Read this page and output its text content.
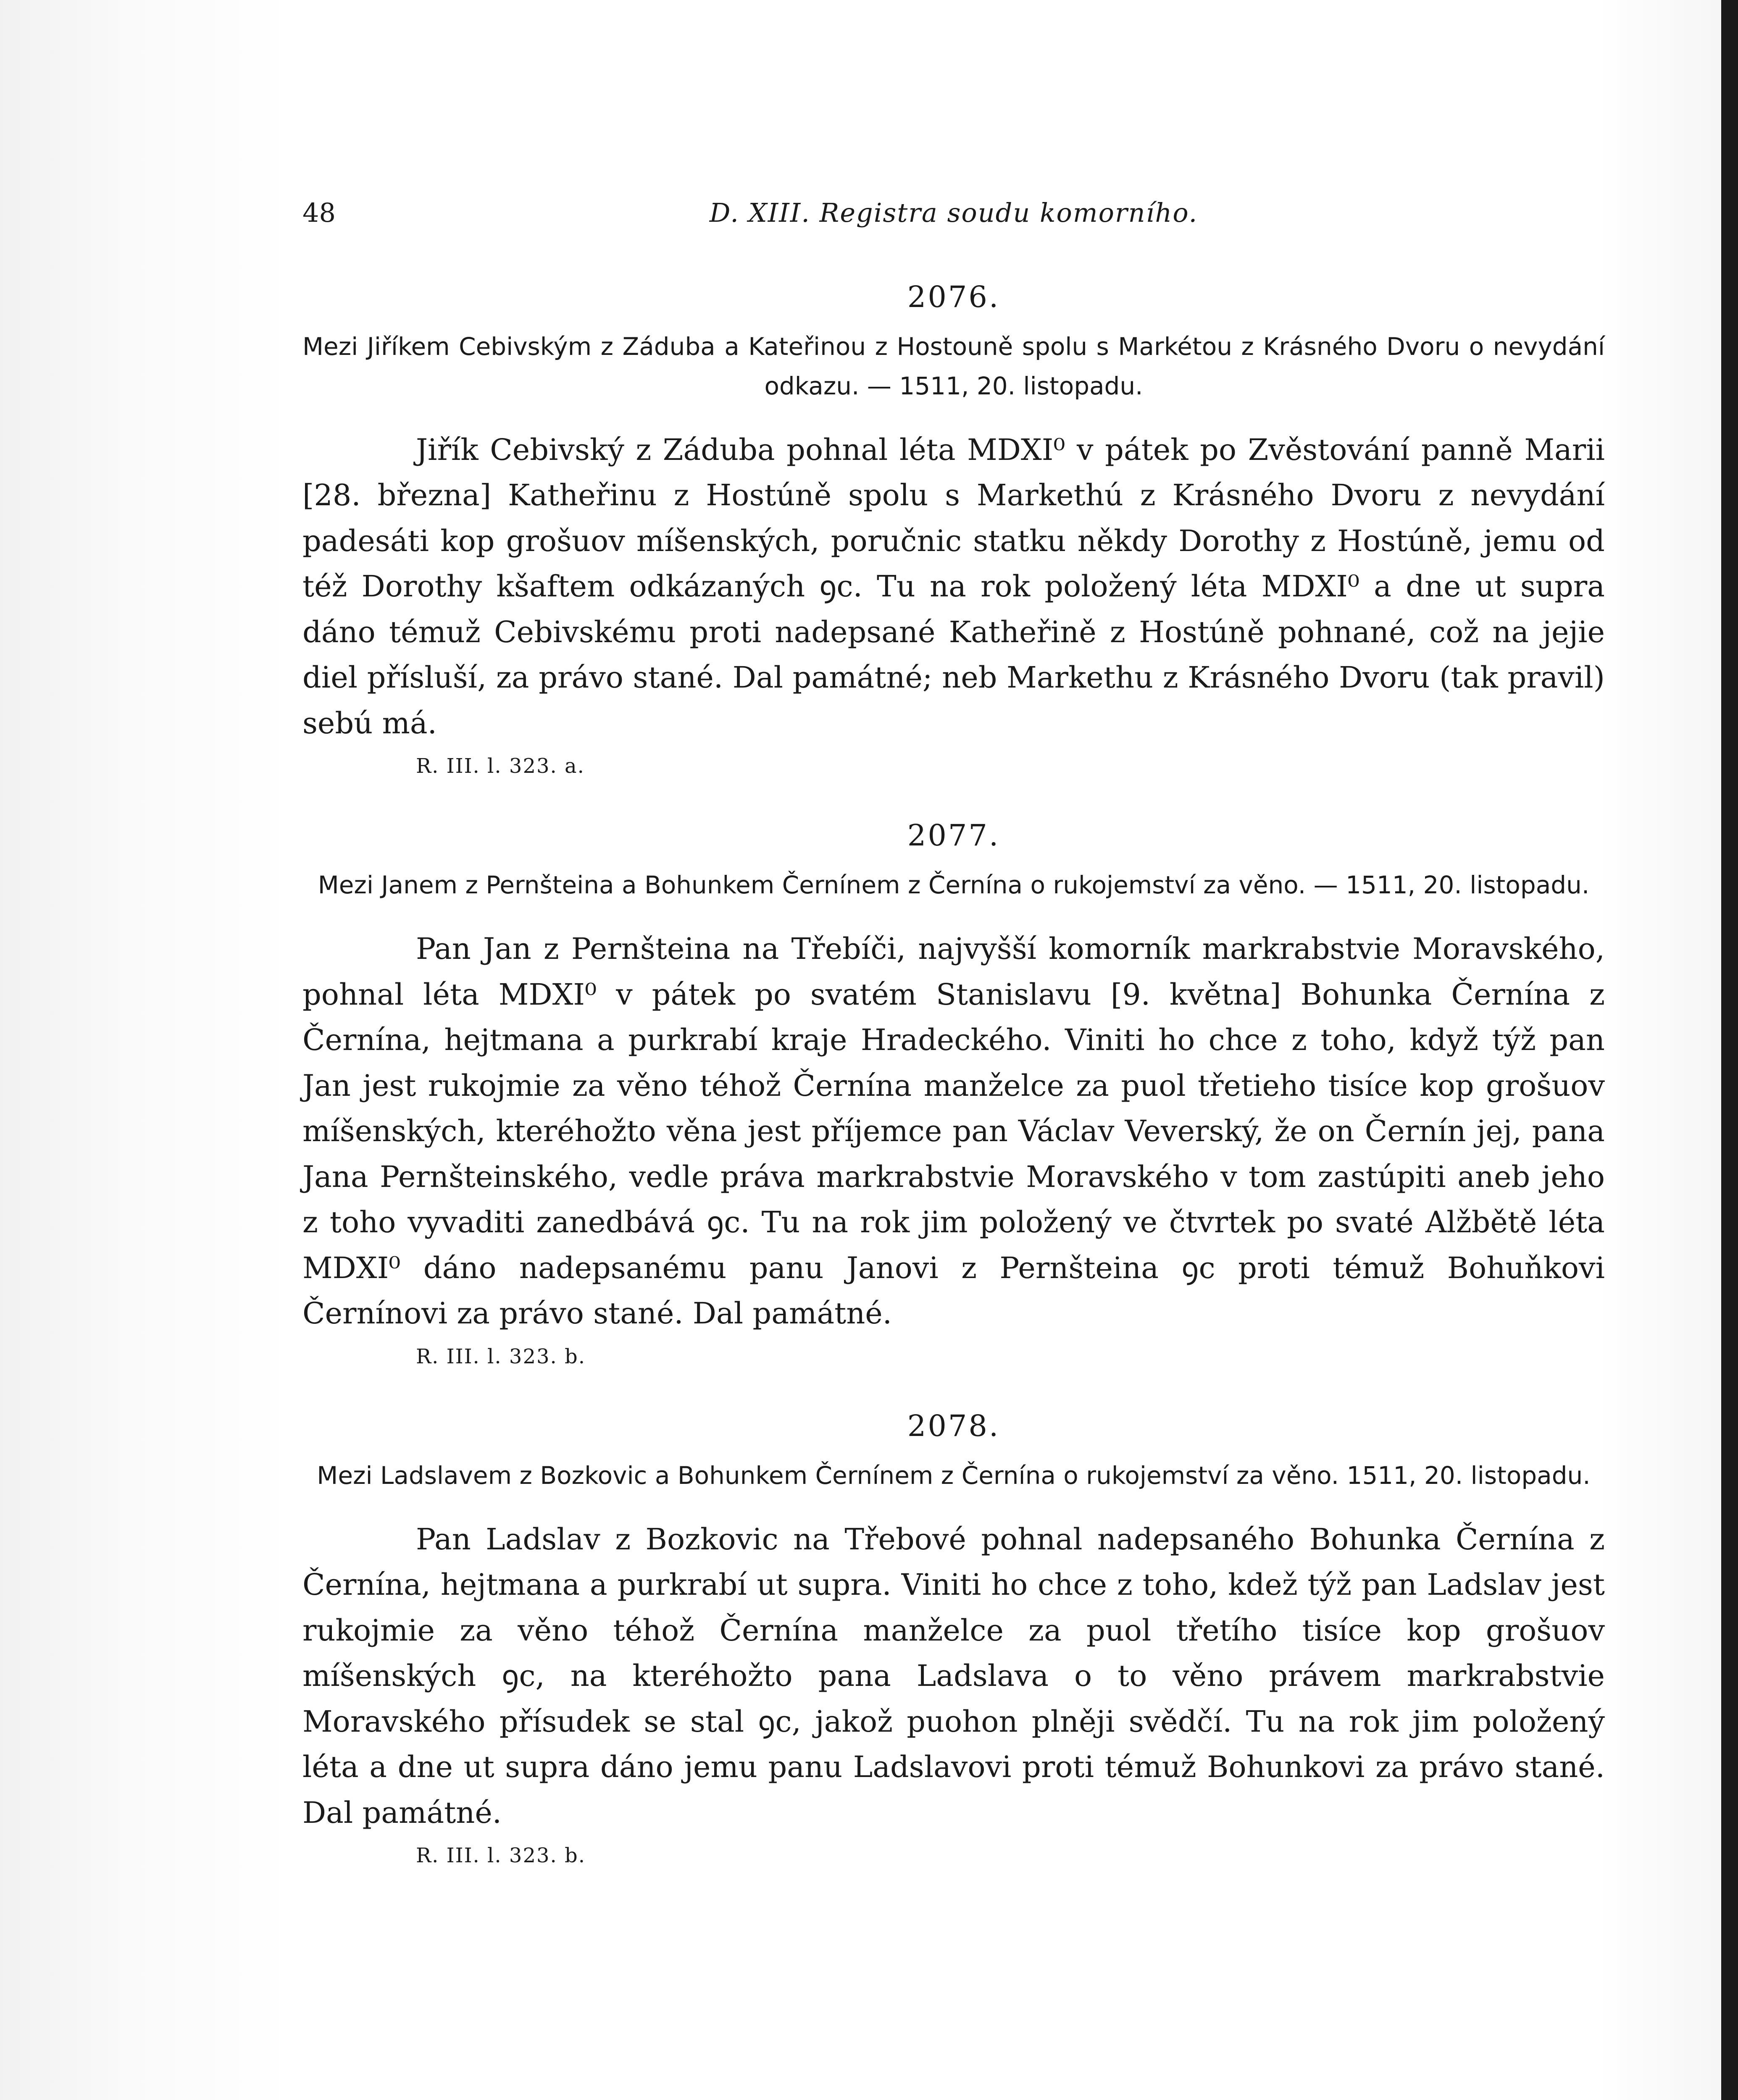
48	D. XIII. Registra soudu komorního.
2076.
Mezi Jiříkem Cebivským z Záduba a Kateřinou z Hostouně spolu s Markétou z Krásného Dvoru o nevydání odkazu. — 1511, 20. listopadu.
Jiřík Cebivský z Záduba pohnal léta MDXI⁰ v pátek po Zvěstování panně Marii [28. března] Katheřinu z Hostúně spolu s Markethú z Krásného Dvoru z nevydání padesáti kop grošuov míšenských, poručnic statku někdy Dorothy z Hostúně, jemu od též Dorothy kšaftem odkázaných ꝯc. Tu na rok položený léta MDXI⁰ a dne ut supra dáno témuž Cebivskému proti nadepsané Katheřině z Hostúně pohnané, což na jejie diel přísluší, za právo stané. Dal památné; neb Markethu z Krásného Dvoru (tak pravil) sebú má.
R. III. l. 323. a.
2077.
Mezi Janem z Pernšteina a Bohunkem Černínem z Černína o rukojemství za věno. — 1511, 20. listopadu.
Pan Jan z Pernšteina na Třebíči, najvyšší komorník markrabstvie Moravského, pohnal léta MDXI⁰ v pátek po svatém Stanislavu [9. května] Bohunka Černína z Černína, hejtmana a purkrabí kraje Hradeckého. Viniti ho chce z toho, když týž pan Jan jest rukojmie za věno téhož Černína manželce za puol třetieho tisíce kop grošuov míšenských, kteréhožto věna jest příjemce pan Václav Veverský, že on Černín jej, pana Jana Pernšteinského, vedle práva markrabstvie Moravského v tom zastúpiti aneb jeho z toho vyvaditi zanedbává ꝯc. Tu na rok jim položený ve čtvrtek po svaté Alžbětě léta MDXI⁰ dáno nadepsanému panu Janovi z Pernšteina ꝯc proti témuž Bohuňkovi Černínovi za právo stané. Dal památné.
R. III. l. 323. b.
2078.
Mezi Ladslavem z Bozkovic a Bohunkem Černínem z Černína o rukojemství za věno. 1511, 20. listopadu.
Pan Ladslav z Bozkovic na Třebové pohnal nadepsaného Bohunka Černína z Černína, hejtmana a purkrabí ut supra. Viniti ho chce z toho, kdež týž pan Ladslav jest rukojmie za věno téhož Černína manželce za puol třetího tisíce kop grošuov míšenských ꝯc, na kteréhožto pana Ladslava o to věno právem markrabstvie Moravského přísudek se stal ꝯc, jakož puohon plněji svědčí. Tu na rok jim položený léta a dne ut supra dáno jemu panu Ladslavovi proti témuž Bohunkovi za právo stané. Dal památné.
R. III. l. 323. b.
